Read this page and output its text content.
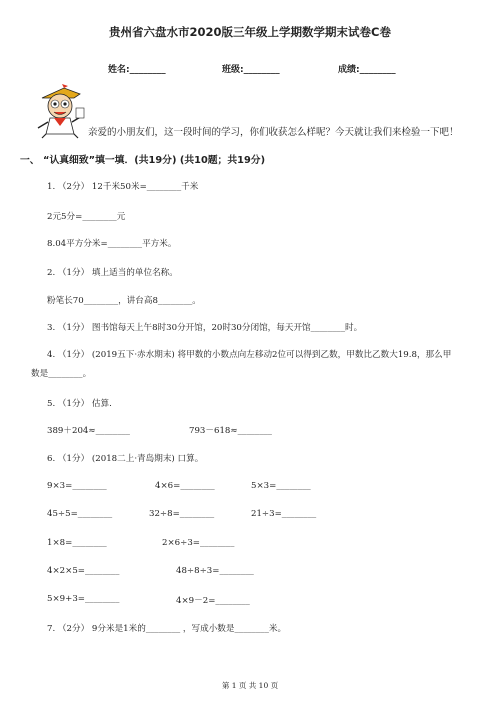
贵州省六盘水市2020版三年级上学期数学期末试卷C卷
姓名:________	班级:________	成绩:________
亲爱的小朋友们，这一段时间的学习，你们收获怎么样呢？今天就让我们来检验一下吧！
一、 “认真细致”填一填．(共19分) (共10题；共19分)
1. （2分） 12千米50米=________千米
2元5分=________元
8.04平方分米=________平方米。
2. （1分） 填上适当的单位名称。
粉笔长70________，讲台高8________。
3. （1分） 图书馆每天上午8时30分开馆，20时30分闭馆，每天开馆________时。
4. （1分） (2019五下·赤水期末) 将甲数的小数点向左移动2位可以得到乙数，甲数比乙数大19.8，那么甲
数是________。
5. （1分） 估算.
389＋204≈________	793－618≈________
6. （1分） (2018二上·青岛期末) 口算。
9×3=________	4×6=________	5×3=________
45÷5=________	32÷8=________	21÷3=________
1×8=________	2×6÷3=________
4×2×5=________	48÷8÷3=________
5×9+3=________	4×9－2=________
7. （2分） 9分米是1米的________ ，写成小数是________米。
第 1 页 共 10 页
